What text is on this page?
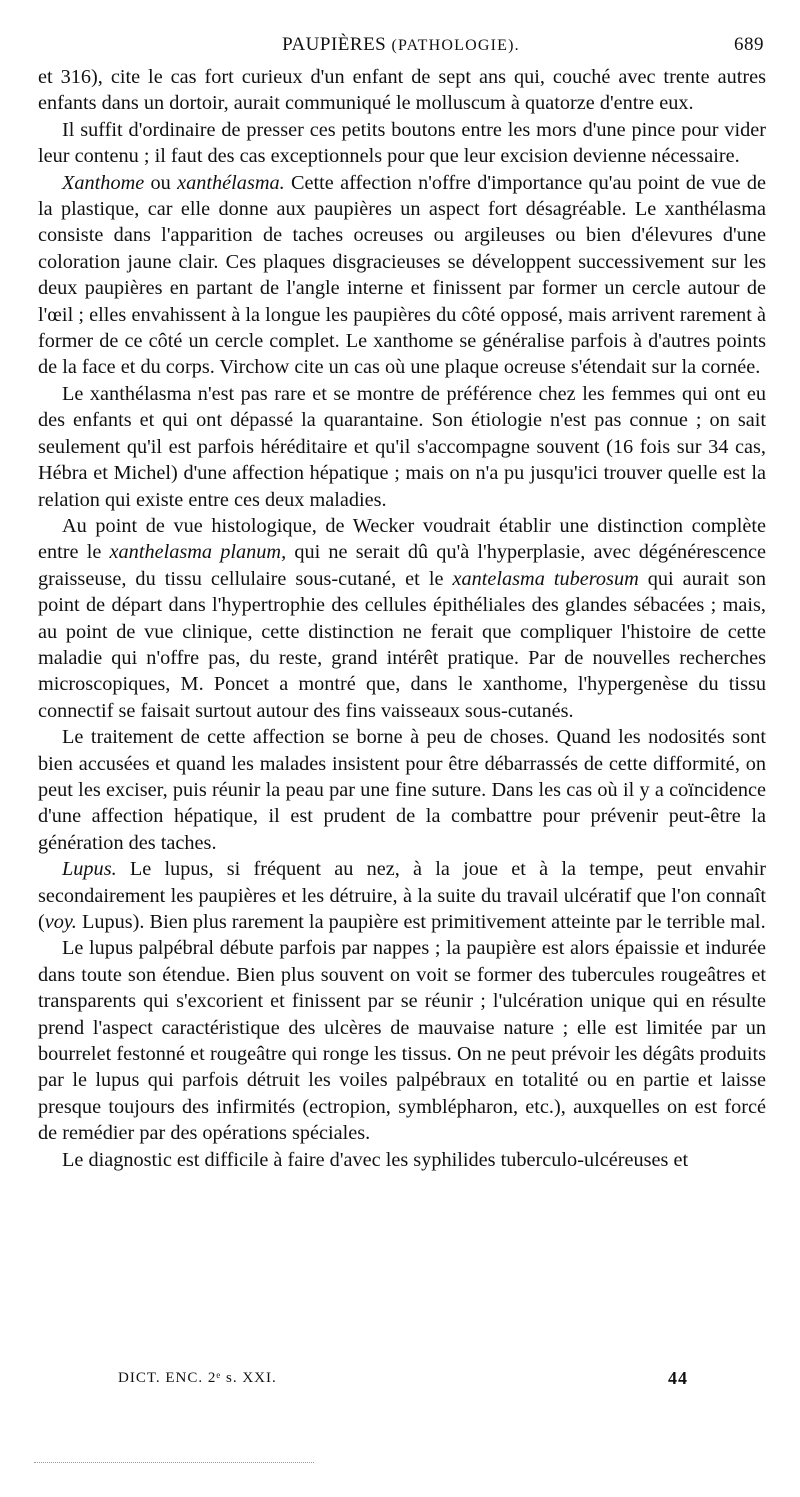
PAUPIÈRES (PATHOLOGIE).	689

et 316), cite le cas fort curieux d'un enfant de sept ans qui, couché avec trente autres enfants dans un dortoir, aurait communiqué le molluscum à quatorze d'entre eux.

Il suffit d'ordinaire de presser ces petits boutons entre les mors d'une pince pour vider leur contenu ; il faut des cas exceptionnels pour que leur excision devienne nécessaire.

Xanthome ou xanthélasma. Cette affection n'offre d'importance qu'au point de vue de la plastique, car elle donne aux paupières un aspect fort désagréable. Le xanthélasma consiste dans l'apparition de taches ocreuses ou argileuses ou bien d'élevures d'une coloration jaune clair. Ces plaques disgracieuses se développent successivement sur les deux paupières en partant de l'angle interne et finissent par former un cercle autour de l'œil ; elles envahissent à la longue les paupières du côté opposé, mais arrivent rarement à former de ce côté un cercle complet. Le xanthome se généralise parfois à d'autres points de la face et du corps. Virchow cite un cas où une plaque ocreuse s'étendait sur la cornée.

Le xanthélasma n'est pas rare et se montre de préférence chez les femmes qui ont eu des enfants et qui ont dépassé la quarantaine. Son étiologie n'est pas connue ; on sait seulement qu'il est parfois héréditaire et qu'il s'accompagne souvent (16 fois sur 34 cas, Hébra et Michel) d'une affection hépatique ; mais on n'a pu jusqu'ici trouver quelle est la relation qui existe entre ces deux maladies.

Au point de vue histologique, de Wecker voudrait établir une distinction complète entre le xanthelasma planum, qui ne serait dû qu'à l'hyperplasie, avec dégénérescence graisseuse, du tissu cellulaire sous-cutané, et le xantelasma tuberosum qui aurait son point de départ dans l'hypertrophie des cellules épithéliales des glandes sébacées ; mais, au point de vue clinique, cette distinction ne ferait que compliquer l'histoire de cette maladie qui n'offre pas, du reste, grand intérêt pratique. Par de nouvelles recherches microscopiques, M. Poncet a montré que, dans le xanthome, l'hypergenèse du tissu connectif se faisait surtout autour des fins vaisseaux sous-cutanés.

Le traitement de cette affection se borne à peu de choses. Quand les nodosités sont bien accusées et quand les malades insistent pour être débarrassés de cette difformité, on peut les exciser, puis réunir la peau par une fine suture. Dans les cas où il y a coïncidence d'une affection hépatique, il est prudent de la combattre pour prévenir peut-être la génération des taches.

Lupus. Le lupus, si fréquent au nez, à la joue et à la tempe, peut envahir secondairement les paupières et les détruire, à la suite du travail ulcératif que l'on connaît (voy. Lupus). Bien plus rarement la paupière est primitivement atteinte par le terrible mal.

Le lupus palpébral débute parfois par nappes ; la paupière est alors épaissie et indurée dans toute son étendue. Bien plus souvent on voit se former des tubercules rougeâtres et transparents qui s'excorient et finissent par se réunir ; l'ulcération unique qui en résulte prend l'aspect caractéristique des ulcères de mauvaise nature ; elle est limitée par un bourrelet festonné et rougeâtre qui ronge les tissus. On ne peut prévoir les dégâts produits par le lupus qui parfois détruit les voiles palpébraux en totalité ou en partie et laisse presque toujours des infirmités (ectropion, symblépharon, etc.), auxquelles on est forcé de remédier par des opérations spéciales.

Le diagnostic est difficile à faire d'avec les syphilides tuberculo-ulcéreuses et

DICT. ENC. 2ᵉ s. XXI.	44
